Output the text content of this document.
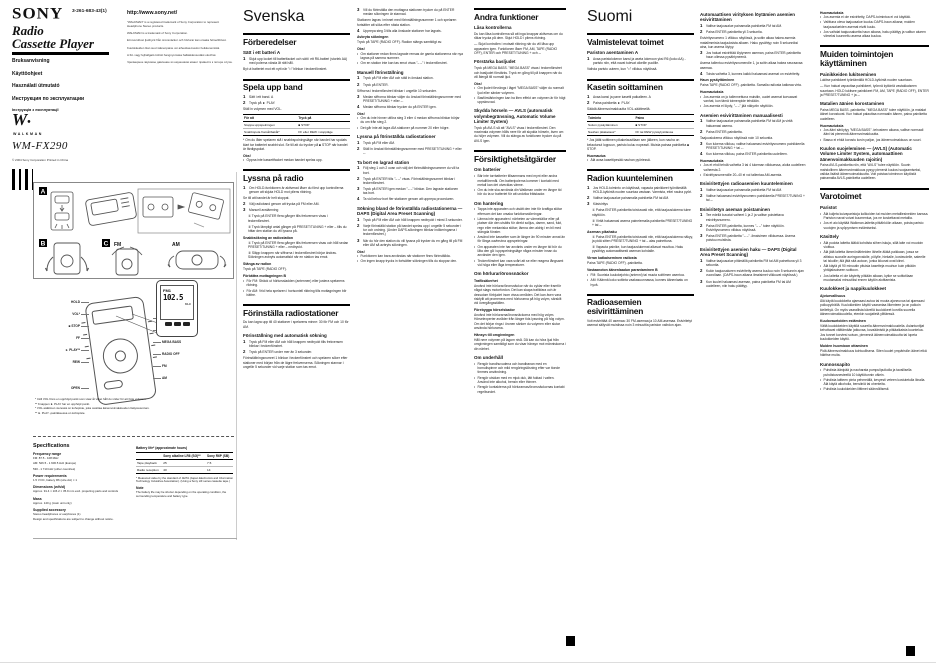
SONY 3-261-683-43(1)	http://www.sony.net/
"WALKMAN" is a registered trademark of Sony Corporation to represent Headphone Stereo products.
WALKMAN is a trademark of Sony Corporation.
Ett överdrivet ljudtryck från öronsnäckor och hörlurar kan orsaka hörselförlust.
Kuulokkeiden liian suuri äänenpaine voi aiheuttaa kuulon heikkenemistä.
A fül- vagy fejhallgató túlzott hangnyomása halláskárosodást okozhat.
Чрезмерное звуковое давление из наушников может привести к потере слуха.
Radio
Cassette Player
Bruksanvisning
Käyttöohjeet
Használati útmutató
Инструкция по эксплуатации
Інструкція з експлуатації
W•
WALKMAN
WM-FX290
© 2004 Sony Corporation Printed in China
A
B	C FM	AM
FM1
102.5
MHz
HOLD
VOL*
■ STOP
FF
► PLAY**
REW
OPEN
MEGA BASS
RADIO OFF
FM
AM
* Intill VOL finns en upphöjd punkt som visar åt vilket håll du vrider för att höja volymen.
** Knappen ► PLAY har en upphöjd punkt.
* VOL-säätimen vieressä on kohopiste, joka osoittaa äänenvoimakkuuden lisäyssuunnan.
** ► PLAY -painikkeessa on kohopiste.
Specifications
Frequency range
FM: 87.5 - 108 MHz
AM: 526.5 - 1 606.5 kHz (Europe)
530 - 1 710 kHz (other countries)
Power requirements
1.5 V DC, battery R6 (size AA) × 1
Dimensions (w/h/d)
Approx. 91.4 × 115.2 × 35.9 mm excl. projecting parts and controls
Mass
Approx. 140 g (main unit only)
Supplied accessory
Stereo headphones or earphones (1)
Design and specifications are subject to change without notice.
Battery life* (approximate hours)
	Sony alkaline LR6 (SG)**	Sony R6P (SB)
Tape playback	25	7.5
Radio reception	40	14
* Measured value by the standard of JEITA (Japan Electronics and Information Technology Industries Association). (Using a Sony HF series cassette tape.)
Note
The battery life may be shorter depending on the operating condition, the surrounding temperature and battery type.
Svenska
Förberedelser
Sätt i ett batteri A
1	Skjut upp locket till batterifacket och sätt i ett R6-batteri (storlek AA) med polerna vända åt rätt håll.
Byt ut batteriet mot ett nytt när "□" blinkar i teckenfönstret.
Spela upp band
1	Sätt i ett band. A
2	Tryck på ► PLAY.
Ställ in volymen med VOL.
För att	Tryck på
Stoppa uppspelningen	■ STOP
Snabbspola framåt/bakåt*	FF eller REW i stoppläge
* Om du låter spelaren stå i snabbspolningsläge när bandet har spolats klart tar batteriet snabbt slut. Se till att du trycker på ■ STOP när bandet är färdigspolat.
Obs!
• Öppna inte kassettfacket medan bandet spelas upp.
Lyssna på radio
1	Om HOLD-funktionen är aktiverad låser du först upp kontrollerna genom att skjuta HOLD mot pilens riktning.
Se till att bandet är helt stoppat.
2	Välj radioband genom att trycka på FM eller AM.
3	Manuell avstämning
① Tryck på ENTER flera gånger tills frekvensen visas i teckenfönstret.
② Tryck lämpligt antal gånger på PRESET/TUNING + eller – tills du hittar den station du vill lyssna på.
Snabbsökning av radiostation
① Tryck på ENTER flera gånger tills frekvensen visas och håll sedan PRESET/TUNING + eller – nedtryckt.
② Släpp knappen när siffrorna i teckenfönstret börjar ändras. Sökningen avbryts automatiskt när en station tas emot.
Stänga av radion
Tryck på TAPE (RADIO OFF).
Förbättra mottagningen B
• För FM: Sträck ut hörlurssladden (antennen) eller justera spelarens riktning.
• För AM: Vrid hela spelaren i horisontell riktning tills mottagningen blir bättre.
Förinställa radiostationer
Du kan lagra upp till 40 stationer i spelarens minne: 30 för FM och 10 för AM.
Förinställning med automatisk sökning
1	Tryck på FM eller AM och håll knappen nedtryckt tills frekvensen blinkar i teckenfönstret.
2	Tryck på ENTER under mer än 3 sekunder.
Förinställningsnumret 1 blinkar i teckenfönstret och spelaren söker efter stationer med början från de lägre frekvenserna. Sökningen stannar i ungefär 5 sekunder vid varje station som tas emot.
3	Vill du förinställa den mottagna stationen trycker du på ENTER medan sökningen är stannad.
Stationen lagras i minnet med förinställningsnummer 1 och spelaren fortsätter att söka efter nästa station.
4	Upprepa steg 3 tills alla önskade stationer har lagrats.
Avbryta sökningen
Tryck på TAPE (RADIO OFF). Radion stängs samtidigt av.
Obs!
• Om stationer redan finns lagrade rensas de gamla stationerna när nya lagras på samma nummer.
• Om en station inte kan tas emot visas "– –" i teckenfönstret.
Manuell förinställning
1	Tryck på FM eller AM och ställ in önskad station.
2	Tryck på ENTER.
Siffrorna i teckenfönstret blinkar i ungefär 10 sekunder.
3	Medan siffrorna blinkar väljer du önskat förinställningsnummer med PRESET/TUNING + eller –.
4	Medan siffrorna blinkar trycker du på ENTER igen.
Obs!
• Om du inte hinner utföra steg 3 eller 4 medan siffrorna blinkar börjar du om från steg 2.
• Det går inte att lagra AM-stationer på nummer 20 eller högre.
Lyssna på förinställda radiostationer
1	Tryck på FM eller AM.
2	Ställ in önskat förinställningsnummer med PRESET/TUNING + eller –.
Ta bort en lagrad station
1	Följ steg 1 och 2 ovan och välj det förinställningsnummer du vill ta bort.
2	Tryck på ENTER tills "– –" visas. Förinställningsnumret blinkar i teckenfönstret.
3	Tryck på ENTER igen medan "– –" blinkar. Den lagrade stationen tas bort.
4	Ta vid behov bort fler stationer genom att upprepa proceduren.
Sökning bland de förinställda radiostationerna — DAPS (Digital Area Preset Scanning)
1	Tryck på FM eller AM och håll knappen nedtryckt i minst 3 sekunder.
2	Varje förinställd station på bandet spelas upp i ungefär 5 sekunder i tur och ordning. (Under DAPS-sökningen blinkar indikeringarna i teckenfönstret.)
3	När du hör den station du vill lyssna på trycker du en gång till på FM eller AM så avbryts sökningen.
Obs!
• Funktionen kan bara användas när stationer finns förinställda.
• Om ingen knapp trycks in fortsätter sökningen tills du stoppar den.
Andra funktioner
Låsa kontrollerna
Du kan låsa kontrollerna så att inga knappar aktiveras om du råkar trycka på dem. Skjut HOLD i pilens riktning.
— Skjut kontrollen i motsatt riktning när du vill låsa upp apparaten igen. Funktionen låser FM, AM, TAPE (RADIO OFF), ENTER och PRESET/TUNING + och –.
Förstärka basljudet
Tryck på MEGA BASS. "MEGA BASS" visas i teckenfönstret och basljudet förstärks. Tryck en gång till på knappen när du vill återgå till normalt ljud.
Obs!
• Om ljudet förvrängs i läget "MEGA BASS" väljer du normalt ljud eller sänker volymen.
• Basförstärkningen kan ha liten effekt om volymen är för högt uppskruvad.
Skydda hörseln — AVLS (automatisk volymbegränsning, Automatic Volume Limiter System)
Tryck på AVLS så att "AVLS" visas i teckenfönstret. Den maximala volymen hålls nere för att skydda hörseln, även om du höjer volymen. Vill du stänga av funktionen trycker du på AVLS igen.
Försiktighetsåtgärder
Om batterier
• Bär inte torrbatterier tillsammans med mynt eller andra metallföremål. Om batteripolerna kommer i kontakt med metall kan det utvecklas värme.
• Om du inte ska använda din Walkman under en längre tid bör du ta ur batteriet för att undvika frätskador.
Om hantering
• Tappa inte apparaten och utsätt den inte för kraftiga stötar eftersom det kan orsaka funktionsstörningar.
• Lämna inte apparaten i närheten av värmekällor eller på platser där den utsätts för direkt solljus, damm, sand, fukt, regn eller mekaniska stötar; lämna den aldrig i en bil med stängda fönster.
• Använd inte kassetter som är längre än 90 minuter annat än för långa oavbrutna uppspelningar.
• Om apparaten inte har använts under en längre tid bör du låta den gå i uppspelningsläge några minuter innan du använder den igen.
• Teckenfönstret kan vara svårt att se eller reagera långsamt vid höga eller låga temperaturer.
Om hörlurar/öronsnäckor
Trafiksäkerhet
Använd inte hörlurar/öronsnäckor när du cyklar eller framför något slags motorfordon. Det kan skapa trafikfara och är dessutom förbjudet inom vissa områden. Det kan även vara riskfyllt att promenera med hörlurarna på hög volym, särskilt vid övergångsställen.
Förebygga hörselskador
Använd inte hörlurarna/öronsnäckorna med hög volym. Hörselexperter avråder från längre tids lyssning på hög volym. Om det börjar ringa i öronen sänker du volymen eller slutar använda hörlurarna.
Hänsyn till omgivningen
Håll nere volymen på lagom nivå. Då kan du höra ljud från omgivningen samtidigt som du visar hänsyn mot människorna i din närhet.
Om underhåll
• Rengör bandhuvudena och bandbanan med en bomullspinne och mild rengöringslösning efter var tionde timmes användning.
• Rengör utsidan med en mjuk duk, lätt fuktad i vatten. Använd inte alkohol, bensin eller thinner.
• Rengör kontakterna på hörlurarnas/öronsnäckornas kontakt regelbundet.
Suomi
Valmistelevat toimet
Pariston asentaminen A
1	Avaa paristolokeron kansi ja aseta lokeroon yksi R6 (koko AA) -paristo niin, että navat tulevat oikeille puolille.
Vaihda paristo uuteen, kun "□" vilkkuu näytössä.
Kasetin soittaminen
1	Avaa kansi ja pane kasetti paikalleen. A
2	Paina painiketta ► PLAY.
Säädä äänenvoimakkuutta VOL-säätimellä.
Toiminto	Paina
Soiton pysäyttäminen	■ STOP
Nauhan pikakelaus*	FF tai REW pysäytystilassa
* Jos jätät soittimen pikakelaustilaan sen jälkeen, kun nauha on kelautunut loppuun, paristo kuluu nopeasti. Muista painaa painiketta ■ STOP.
Huomautus
• Älä avaa kasettipesää nauhan pyöriessä.
Radion kuunteleminen
1	Jos HOLD-toiminto on käytössä, vapauta painikkeet työntämällä HOLD-kytkintä nuolen suuntaa vastaan. Varmista, ettei nauha pyöri.
2	Valitse taajuusalue painamalla painiketta FM tai AM.
3	Käsiviritys
① Paina ENTER-painiketta toistuvasti niin, että taajuuslukema tulee näyttöön.
② Viritä haluamasi asema painelemalla painiketta PRESET/TUNING + tai –.
Aseman pikahaku
① Paina ENTER-painiketta toistuvasti niin, että taajuuslukema näkyy, ja pidä sitten PRESET/TUNING + tai – alas painettuna.
② Vapauta painike, kun taajuuslukemat alkavat muuttua. Haku pysähtyy automaattisesti aseman kohdalle.
Virran katkaiseminen radiosta
Paina TAPE (RADIO OFF) -painiketta.
Vastaanoton äänenlaadun parantaminen B
• FM: Suorista kuulokejohto (antenni) tai muuta soittimen asentoa.
• AM: Käännä koko soitinta vaakasuunnassa, kunnes äänenlaatu on hyvä.
Radioasemien esivirittäminen
Voit esivirittää 40 asemaa: 30 FM-asemaa ja 10 AM-asemaa. Esiviritetyt asemat säilyvät muistissa noin 3 minuuttia pariston vaihdon ajan.
Automaattisen virityksen löytämien asemien esivirittäminen
1	Valitse taajuusalue painamalla painiketta FM tai AM.
2	Paina ENTER-painiketta yli 3 sekuntia.
Esiviritysnumero 1 vilkkuu näytössä, ja soitin alkaa hakea asemia matalimmista taajuuksista alkaen. Haku pysähtyy noin 5 sekunniksi aina, kun asema löytyy.
3	Jos haluat esivirittää löytyneen aseman, paina ENTER-painiketta haun ollessa pysähtyneenä.
Asema tallentuu esiviritysnumerolle 1, ja soitin alkaa hakea seuraavaa asemaa.
4	Toista vaihetta 3, kunnes kaikki haluamasi asemat on esiviritetty.
Haun pysäyttäminen
Paina TAPE (RADIO OFF) -painiketta. Samalla radiosta katkeaa virta.
Huomautuksia
• Jos asemia on jo tallennettuna muistiin, uudet asemat korvaavat vanhat, kun tämä toimenpide tehdään.
• Jos asemia ei löydy, "– –" jää näkyviin näyttöön.
Asemien esivirittäminen manuaalisesti
1	Valitse taajuusalue painamalla painiketta FM tai AM ja viritä haluamasi asema.
2	Paina ENTER-painiketta.
Taajuuslukema vilkkuu näytössä noin 10 sekuntia.
3	Kun lukema vilkkuu, valitse haluamasi esiviritysnumero painikkeella PRESET/TUNING + tai –.
4	Kun lukema vilkkuu, paina ENTER-painiketta uudelleen.
Huomautuksia
• Jos et ehdi tehdä vaihetta 3 tai 4 lukeman vilkkuessa, aloita uudelleen vaiheesta 2.
• Esiviritysnumeroille 20–40 ei voi tallentaa AM-asemia.
Esiviritettyjen radioasemien kuunteleminen
1	Valitse taajuusalue painamalla painiketta FM tai AM.
2	Valitse haluamasi esiviritysnumero painikkeella PRESET/TUNING + tai –.
Esiviritetyn aseman poistaminen
1	Tee edellä kuvatut vaiheet 1 ja 2 ja valitse poistettava esiviritysnumero.
2	Paina ENTER-painiketta, kunnes "– –" tulee näyttöön. Esiviritysnumero vilkkuu näytössä.
3	Paina ENTER-painiketta "– –" -ilmaisimen vilkkuessa. Asema poistuu muistista.
Esiviritettyjen asemien haku — DAPS (Digital Area Preset Scanning)
1	Valitse taajuusalue pitämällä painiketta FM tai AM painettuna yli 3 sekuntia.
2	Kukin taajuusalueen esiviritetty asema kuuluu noin 5 sekunnin ajan vuorollaan. (DAPS-haun aikana ilmaisimet vilkkuvat näytössä.)
3	Kun kuulet haluamasi aseman, paina painiketta FM tai AM uudelleen, niin haku päättyy.
Huomautuksia
• Jos asemia ei ole esiviritetty, DAPS-toimintoa ei voi käyttää.
• Valittuna oleva taajuusalue kuuluu DAPS-haun aikana; muiden taajuusalueiden asemat eivät kuulu.
• Jos vaihdat taajuusaluetta haun aikana, haku päättyy ja valitun alueen viimeksi kuunneltu asema alkaa kuulua.
Muiden toimintojen käyttäminen
Painikkeiden lukitseminen
Lukitse painikkeet työntämällä HOLD-kytkintä nuolen suuntaan.
— Kun haluat vapauttaa painikkeet, työnnä kytkintä vastakkaiseen suuntaan. HOLD lukitsee painikkeet FM, AM, TAPE (RADIO OFF), ENTER ja PRESET/TUNING + ja –.
Matalien äänien korostaminen
Paina MEGA BASS -painiketta. "MEGA BASS" tulee näyttöön, ja matalat äänet korostuvat. Kun haluat palauttaa normaalin äänen, paina painiketta uudelleen.
Huomautuksia
• Jos ääni säröytyy "MEGA BASS" -tehosteen aikana, valitse normaali ääni tai pienennä äänenvoimakkuutta.
• Basso ei ehkä korostu kovin paljon, jos äänenvoimakkuus on suuri.
Kuulon suojeleminen — (AVLS) (Automatic Volume Limiter System, automaattinen äänenvoimakkuuden rajoitin)
Paina AVLS-painiketta niin, että "AVLS" tulee näyttöön. Suurin mahdollinen äänenvoimakkuus pysyy pienenä kuulosi suojaamiseksi, vaikka lisäisit äänenvoimakkuutta. Voit poistaa toiminnon käytöstä painamalla AVLS-painiketta uudelleen.
Varotoimet
Paristot
• Älä kuljeta kuivaparistoja kolikoiden tai muiden metalliesineiden kanssa. Pariston navat voivat kuumentua, jos ne koskettavat metallia.
• Jos et aio käyttää Walkman-laitetta pitkähköön aikaan, poista paristo vuotojen ja syöpymisen estämiseksi.
Käsittely
• Älä pudota laitetta äläkä kohdista siihen iskuja, sillä laite voi muutoin vioittua.
• Älä jätä laitetta lämmönlähteiden lähelle äläkä paikkaan, jossa se altistuu suoralle auringonvalolle, pölylle, hiekalle, kosteudelle, sateelle tai iskuille; älä jätä sitä autoon, jonka ikkunat ovat kiinni.
• Älä käytä yli 90 minuutin pituisia kasetteja muuhun kuin pitkään yhtäjaksoiseen soittoon.
• Jos laitetta ei ole käytetty pitkään aikaan, kytke se soittotilaan muutamaksi minuutiksi ennen käytön aloittamista.
Kuulokkeet ja nappikuulokkeet
Ajoturvallisuus
Älä käytä kuulokkeita ajaessasi autoa tai muuta ajoneuvoa tai ajaessasi polkupyörällä. Kuulokkeiden käyttö vaarantaa liikenteen ja on paikoin kiellettyä. On myös vaarallista kävellä kuulokkeet korvilla suurella äänenvoimakkuudella, etenkin suojatietä ylittäessä.
Kuulovaurioiden estäminen
Vältä kuulokkeiden käyttöä suurella äänenvoimakkuudella. Asiantuntijat kehottavat välttämään jatkuvaa, kovaäänistä ja pitkäaikaista kuuntelua. Jos tunnet korviesi soivan, pienennä äänenvoimakkuutta tai lopeta kuulokkeiden käyttö.
Muiden huomioon ottaminen
Pidä äänenvoimakkuus kohtuullisena. Siten kuulet ympäristön äänet etkä häiritse muita.
Kunnossapito
• Puhdista äänipää ja nauharata pumpulipuikolla ja tavallisella puhdistusnesteellä 10 käyttötunnin välein.
• Puhdista laitteen pinta pehmeällä, kevyesti veteen kostutetulla liinalla. Älä käytä alkoholia, bensiiniä tai ohenteita.
• Puhdista kuulokkeiden liittimet säännöllisesti.
